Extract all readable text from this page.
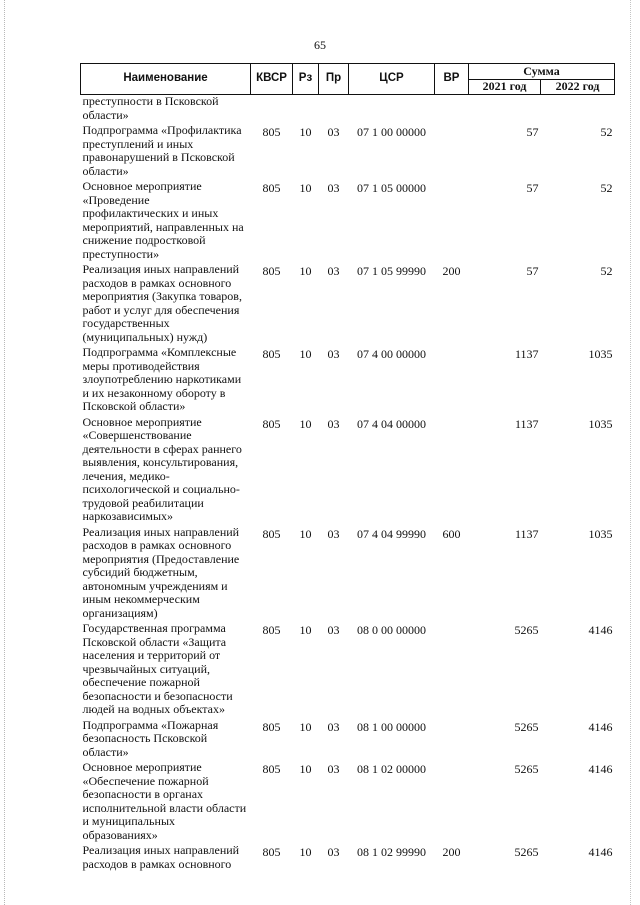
65
Наименование	КВСР	Рз	Пр	ЦСР	ВР	Сумма	
						2021 год	2022 год
преступности в Псковской области»							
Подпрограмма «Профилактика преступлений и иных правонарушений в Псковской области»	805	10	03	07 1 00 00000		57	52
Основное мероприятие «Проведение профилактических и иных мероприятий, направленных на снижение подростковой преступности»	805	10	03	07 1 05 00000		57	52
Реализация иных направлений расходов в рамках основного мероприятия (Закупка товаров, работ и услуг для обеспечения государственных (муниципальных) нужд)	805	10	03	07 1 05 99990	200	57	52
Подпрограмма «Комплексные меры противодействия злоупотреблению наркотиками и их незаконному обороту в Псковской области»	805	10	03	07 4 00 00000		1137	1035
Основное мероприятие «Совершенствование деятельности в сферах раннего выявления, консультирования, лечения, медико-психологической и социально-трудовой реабилитации наркозависимых»	805	10	03	07 4 04 00000		1137	1035
Реализация иных направлений расходов в рамках основного мероприятия (Предоставление субсидий бюджетным, автономным учреждениям и иным некоммерческим организациям)	805	10	03	07 4 04 99990	600	1137	1035
Государственная программа Псковской области «Защита населения и территорий от чрезвычайных ситуаций, обеспечение пожарной безопасности и безопасности людей на водных объектах»	805	10	03	08 0 00 00000		5265	4146
Подпрограмма «Пожарная безопасность Псковской области»	805	10	03	08 1 00 00000		5265	4146
Основное мероприятие «Обеспечение пожарной безопасности в органах исполнительной власти области и муниципальных образованиях»	805	10	03	08 1 02 00000		5265	4146
Реализация иных направлений расходов в рамках основного	805	10	03	08 1 02 99990	200	5265	4146
